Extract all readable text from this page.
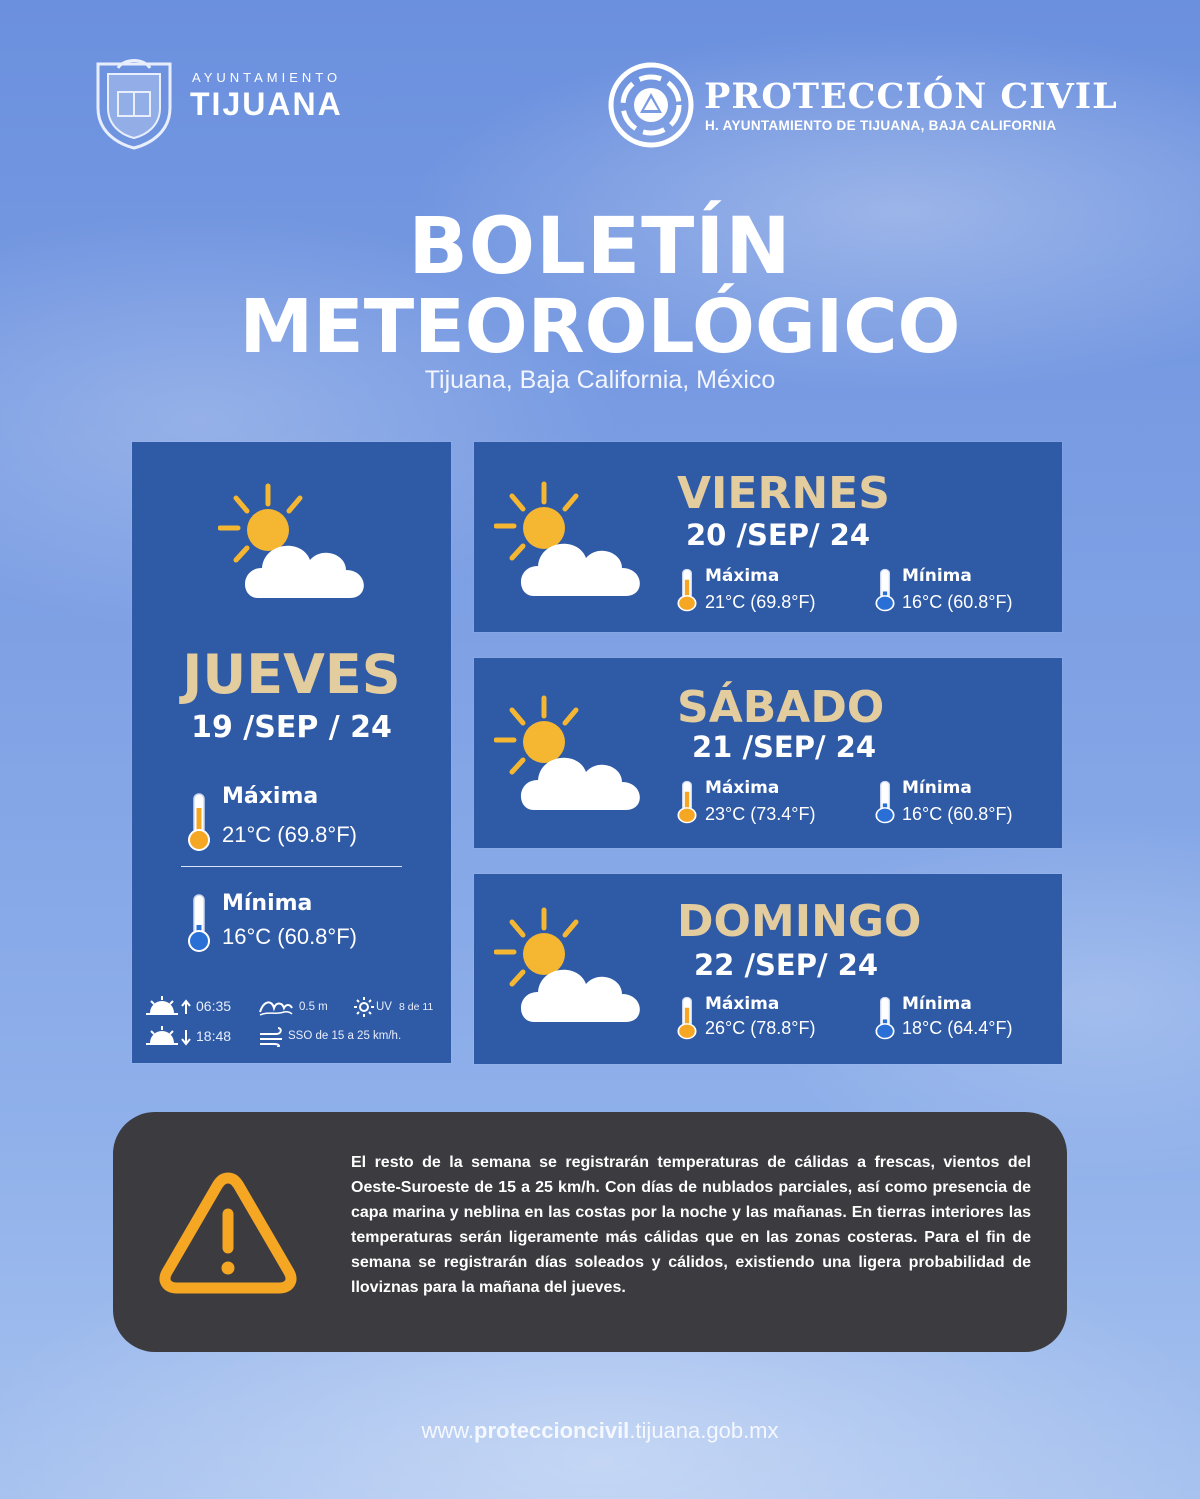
AYUNTAMIENTO
TIJUANA	PROTECCIÓN CIVIL
H. AYUNTAMIENTO DE TIJUANA, BAJA CALIFORNIA
BOLETÍN
METEOROLÓGICO
Tijuana, Baja California, México
JUEVES
19 /SEP / 24
Máxima
21°C (69.8°F)
Mínima
16°C (60.8°F)
06:35	0.5 m	UV 8 de 11
18:48	SSO de 15 a 25 km/h.
VIERNES
20 /SEP/ 24
Máxima
21°C (69.8°F)
Mínima
16°C (60.8°F)
SÁBADO
21 /SEP/ 24
Máxima
23°C (73.4°F)
Mínima
16°C (60.8°F)
DOMINGO
22 /SEP/ 24
Máxima
26°C (78.8°F)
Mínima
18°C (64.4°F)
El resto de la semana se registrarán temperaturas de cálidas a frescas, vientos del Oeste-Suroeste de 15 a 25 km/h. Con días de nublados parciales, así como presencia de capa marina y neblina en las costas por la noche y las mañanas. En tierras interiores las temperaturas serán ligeramente más cálidas que en las zonas costeras. Para el fin de semana se registrarán días soleados y cálidos, existiendo una ligera probabilidad de lloviznas para la mañana del jueves.
www.proteccioncivil.tijuana.gob.mx
